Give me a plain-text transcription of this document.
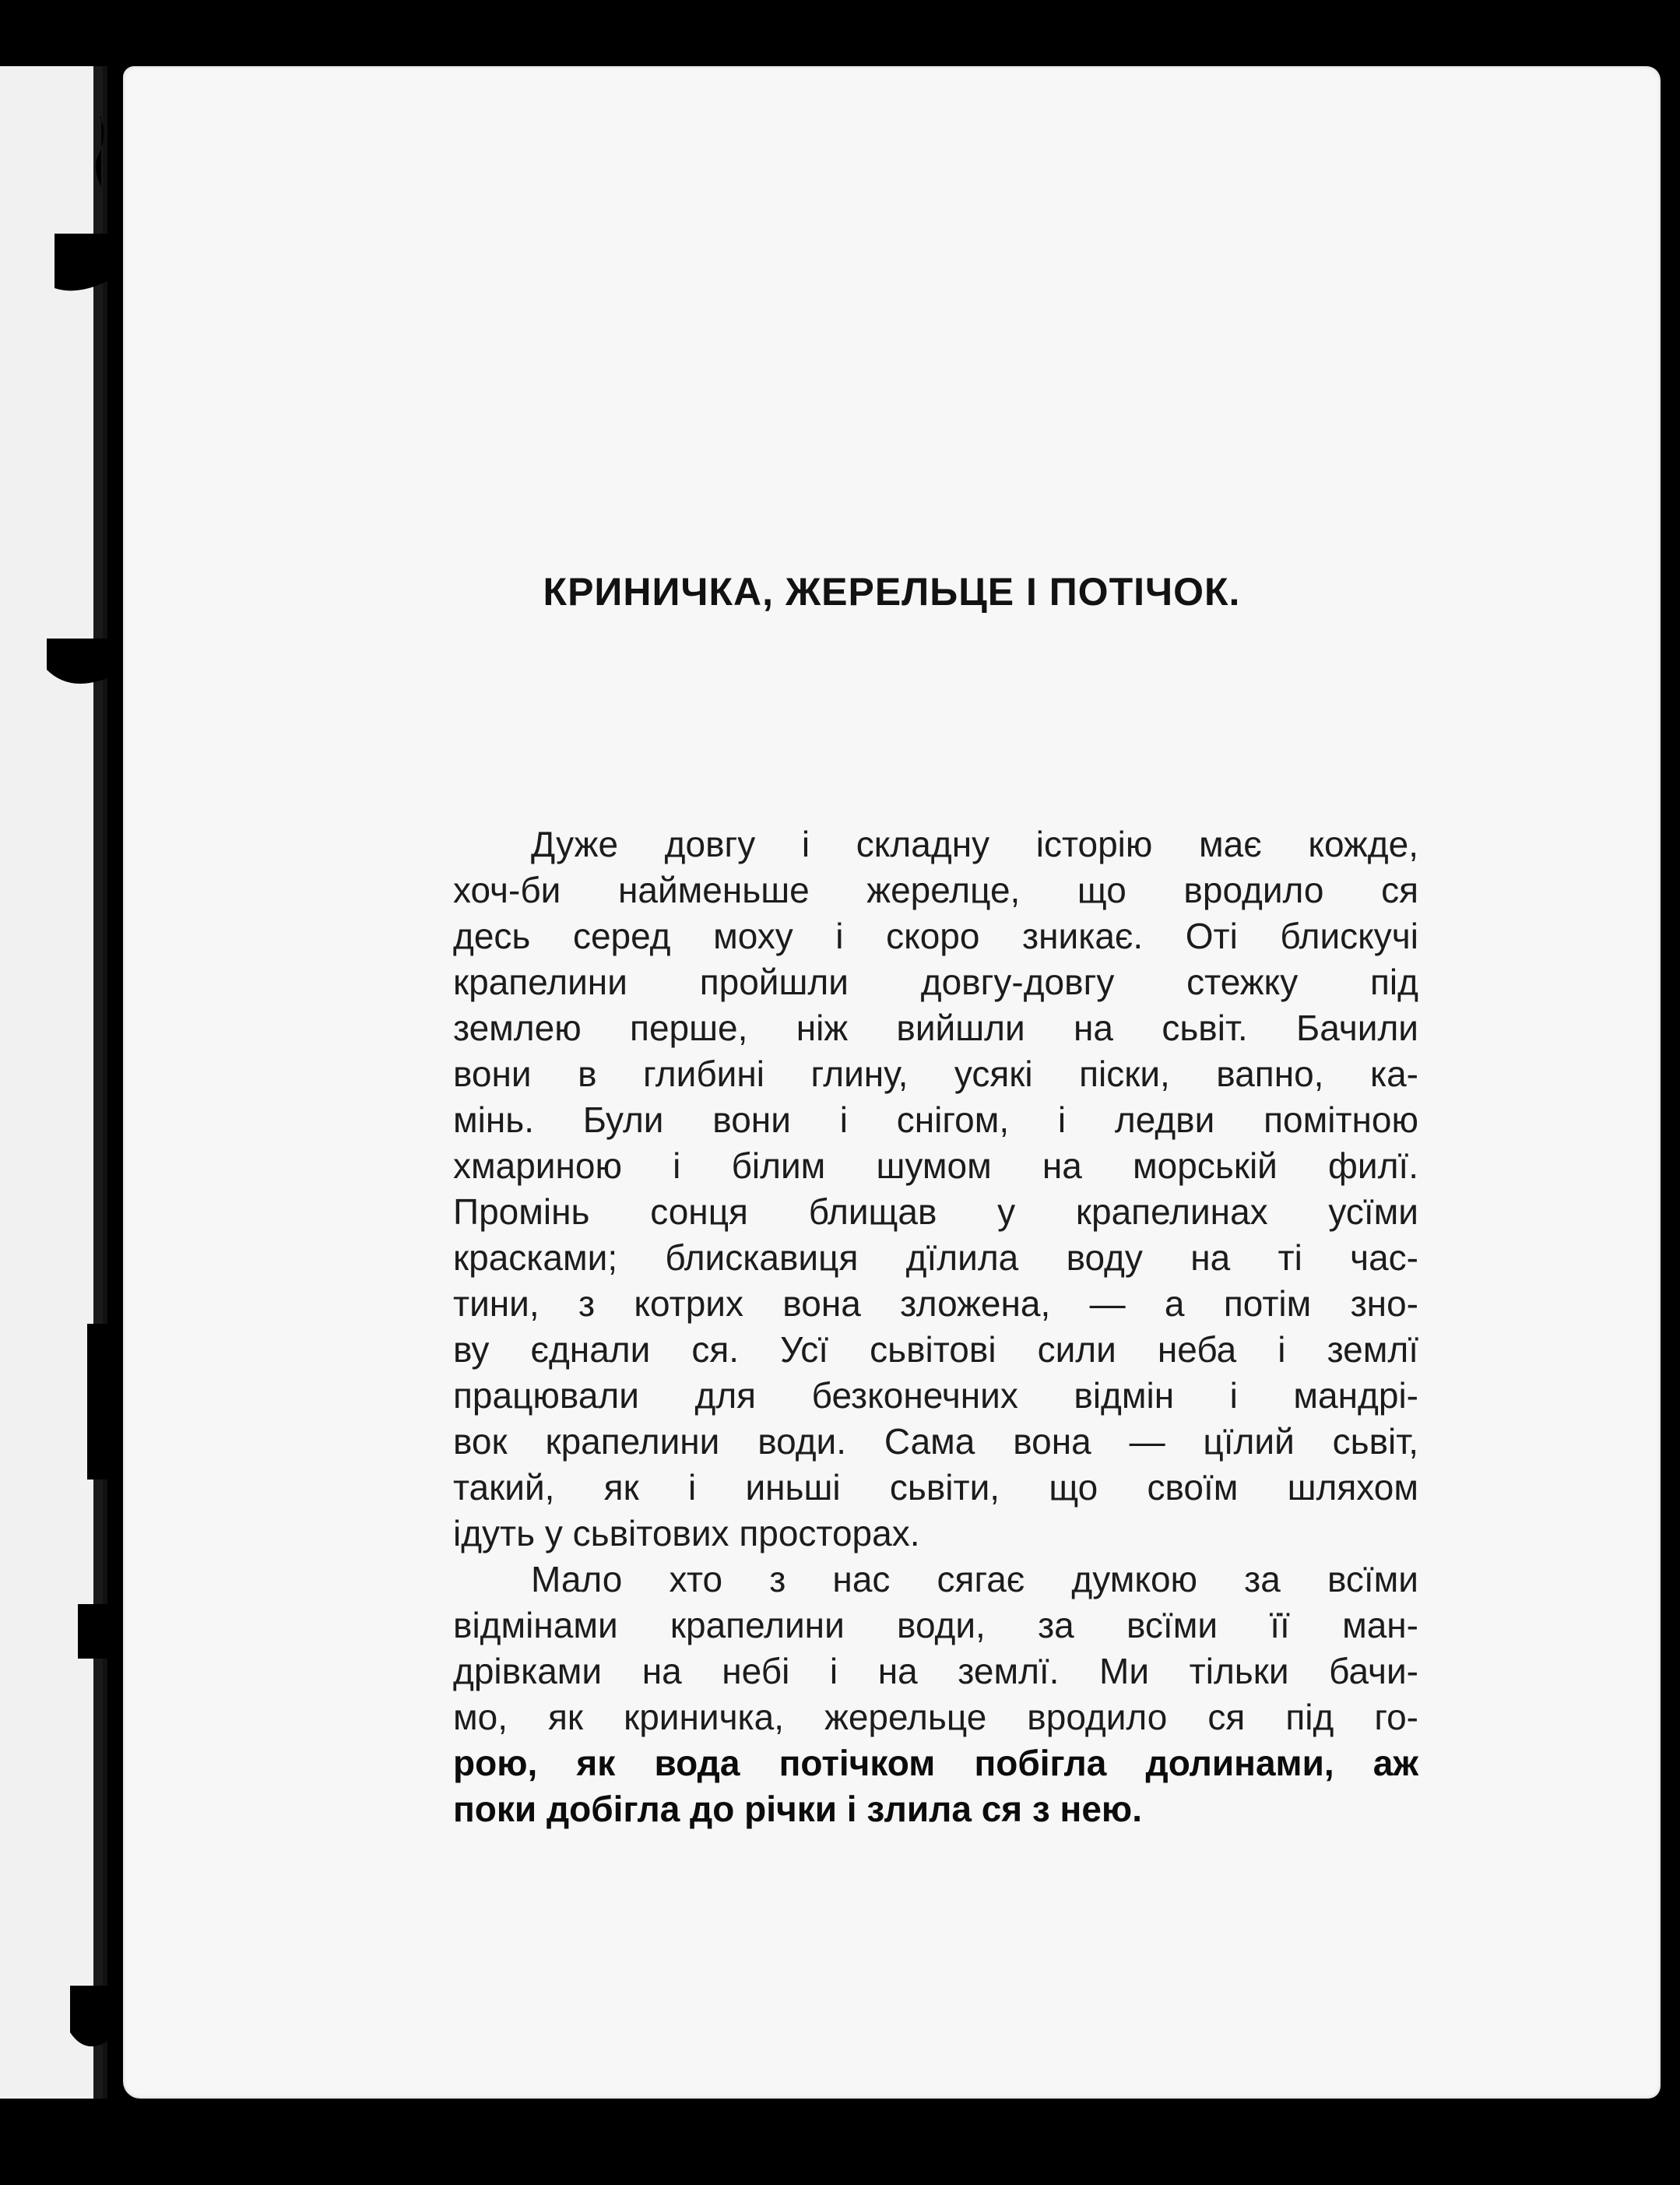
КРИНИЧКА, ЖЕРЕЛЬЦЕ І ПОТІЧОК.
Дуже довгу і складну історію має кожде,
хоч-би найменьше жерелце, що вродило ся
десь серед моху і скоро зникає. Оті блискучі
крапелини пройшли довгу-довгу стежку під
землею перше, ніж вийшли на сьвіт. Бачили
вони в глибині глину, усякі піски, вапно, ка-
мінь. Були вони і снігом, і ледви помітною
хмариною і білим шумом на морській филї.
Промінь сонця блищав у крапелинах усїми
красками; блискавиця дїлила воду на ті час-
тини, з котрих вона зложена, — а потім зно-
ву єднали ся. Усї сьвітові сили неба і землї
працювали для безконечних відмін і мандрі-
вок крапелини води. Сама вона — цїлий сьвіт,
такий, як і иньші сьвіти, що своїм шляхом
ідуть у сьвітових просторах.
Мало хто з нас сягає думкою за всїми
відмінами крапелини води, за всїми її ман-
дрівками на небі і на землї. Ми тільки бачи-
мо, як криничка, жерельце вродило ся під го-
рою, як вода потічком побігла долинами, аж
поки добігла до річки і злила ся з нею.
